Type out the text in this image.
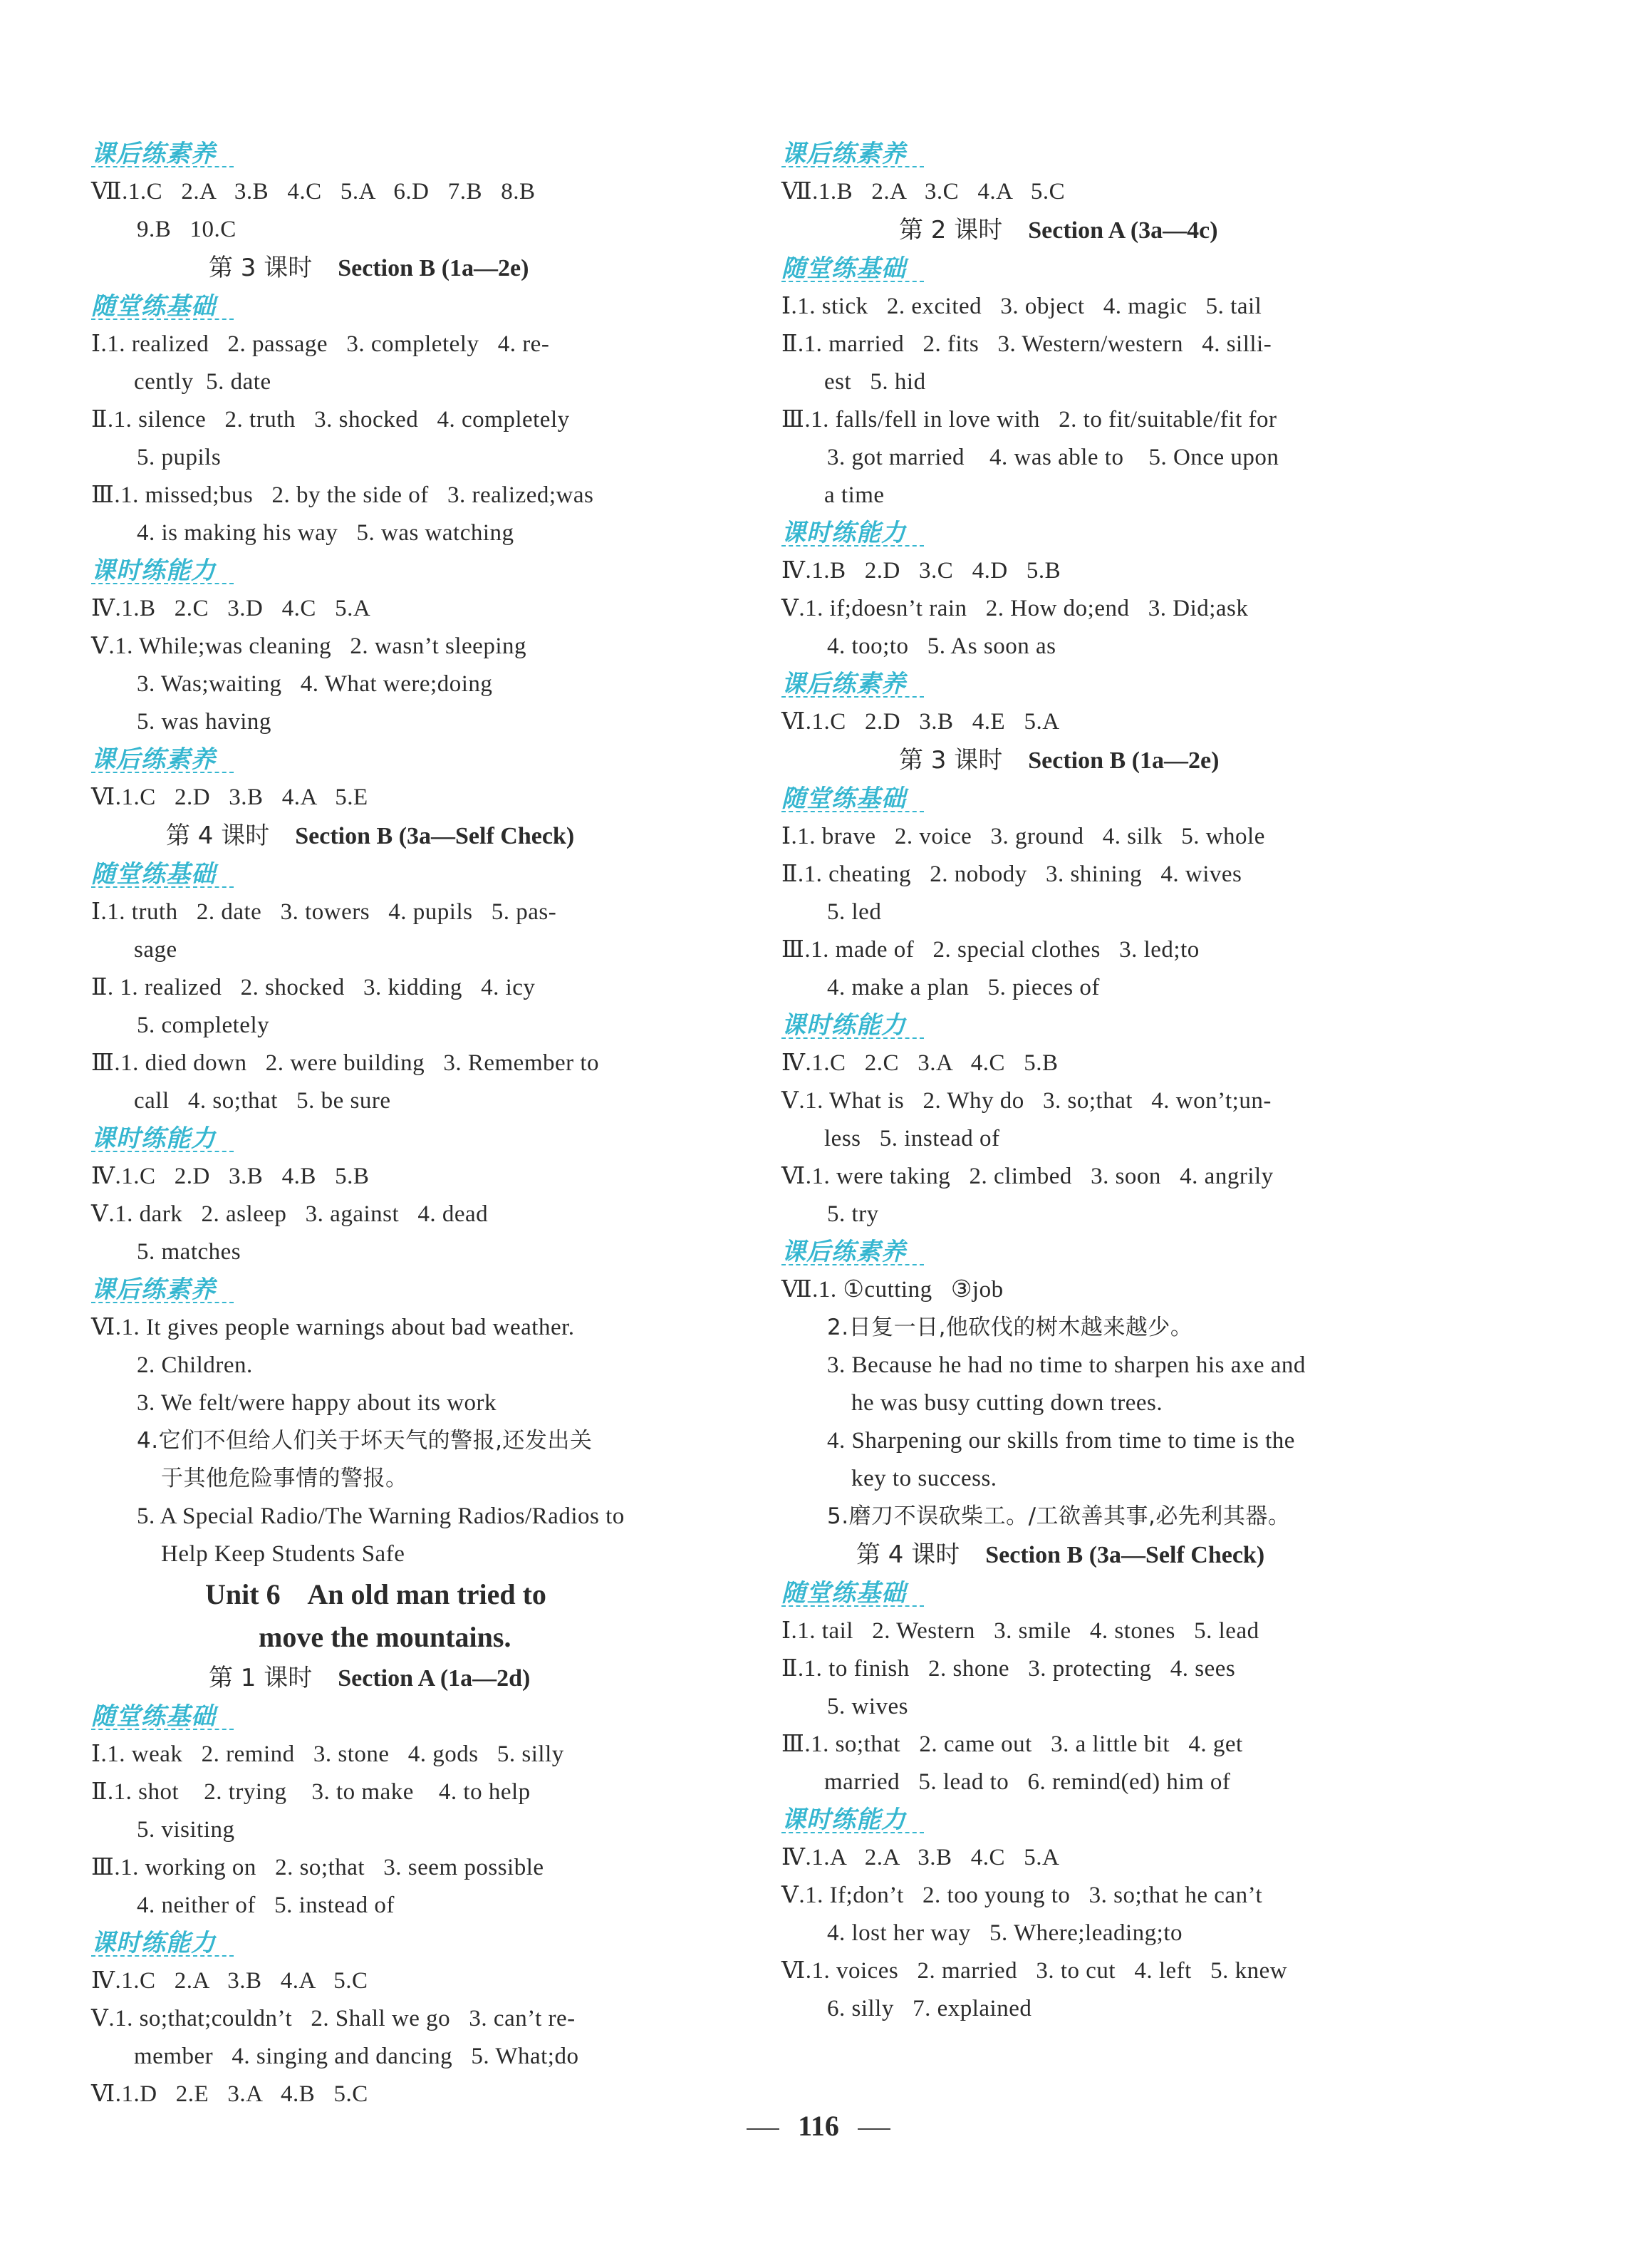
课后练素养
Ⅶ.1.C   2.A   3.B   4.C   5.A   6.D   7.B   8.B
9.B   10.C
第 3 课时 Section B (1a—2e)
随堂练基础
Ⅰ.1. realized   2. passage   3. completely   4. re-
cently  5. date
Ⅱ.1. silence   2. truth   3. shocked   4. completely
5. pupils
Ⅲ.1. missed;bus   2. by the side of   3. realized;was
4. is making his way   5. was watching
课时练能力
Ⅳ.1.B   2.C   3.D   4.C   5.A
Ⅴ.1. While;was cleaning   2. wasn’t sleeping
3. Was;waiting   4. What were;doing
5. was having
课后练素养
Ⅵ.1.C   2.D   3.B   4.A   5.E
第 4 课时 Section B (3a—Self Check)
随堂练基础
Ⅰ.1. truth   2. date   3. towers   4. pupils   5. pas-
sage
Ⅱ. 1. realized   2. shocked   3. kidding   4. icy
5. completely
Ⅲ.1. died down   2. were building   3. Remember to
call   4. so;that   5. be sure
课时练能力
Ⅳ.1.C   2.D   3.B   4.B   5.B
Ⅴ.1. dark   2. asleep   3. against   4. dead
5. matches
课后练素养
Ⅵ.1. It gives people warnings about bad weather.
2. Children.
3. We felt/were happy about its work
4.它们不但给人们关于坏天气的警报,还发出关
于其他危险事情的警报。
5. A Special Radio/The Warning Radios/Radios to
Help Keep Students Safe
Unit 6    An old man tried to
move the mountains.
第 1 课时 Section A (1a—2d)
随堂练基础
Ⅰ.1. weak   2. remind   3. stone   4. gods   5. silly
Ⅱ.1. shot    2. trying    3. to make    4. to help
5. visiting
Ⅲ.1. working on   2. so;that   3. seem possible
4. neither of   5. instead of
课时练能力
Ⅳ.1.C   2.A   3.B   4.A   5.C
Ⅴ.1. so;that;couldn’t   2. Shall we go   3. can’t re-
member   4. singing and dancing   5. What;do
Ⅵ.1.D   2.E   3.A   4.B   5.C
课后练素养
Ⅶ.1.B   2.A   3.C   4.A   5.C
第 2 课时 Section A (3a—4c)
随堂练基础
Ⅰ.1. stick   2. excited   3. object   4. magic   5. tail
Ⅱ.1. married   2. fits   3. Western/western   4. silli-
est   5. hid
Ⅲ.1. falls/fell in love with   2. to fit/suitable/fit for
3. got married    4. was able to    5. Once upon
a time
课时练能力
Ⅳ.1.B   2.D   3.C   4.D   5.B
Ⅴ.1. if;doesn’t rain   2. How do;end   3. Did;ask
4. too;to   5. As soon as
课后练素养
Ⅵ.1.C   2.D   3.B   4.E   5.A
第 3 课时 Section B (1a—2e)
随堂练基础
Ⅰ.1. brave   2. voice   3. ground   4. silk   5. whole
Ⅱ.1. cheating   2. nobody   3. shining   4. wives
5. led
Ⅲ.1. made of   2. special clothes   3. led;to
4. make a plan   5. pieces of
课时练能力
Ⅳ.1.C   2.C   3.A   4.C   5.B
Ⅴ.1. What is   2. Why do   3. so;that   4. won’t;un-
less   5. instead of
Ⅵ.1. were taking   2. climbed   3. soon   4. angrily
5. try
课后练素养
Ⅶ.1. ①cutting   ③job
2.日复一日,他砍伐的树木越来越少。
3. Because he had no time to sharpen his axe and
he was busy cutting down trees.
4. Sharpening our skills from time to time is the
key to success.
5.磨刀不误砍柴工。/工欲善其事,必先利其器。
第 4 课时 Section B (3a—Self Check)
随堂练基础
Ⅰ.1. tail   2. Western   3. smile   4. stones   5. lead
Ⅱ.1. to finish   2. shone   3. protecting   4. sees
5. wives
Ⅲ.1. so;that   2. came out   3. a little bit   4. get
married   5. lead to   6. remind(ed) him of
课时练能力
Ⅳ.1.A   2.A   3.B   4.C   5.A
Ⅴ.1. If;don’t   2. too young to   3. so;that he can’t
4. lost her way   5. Where;leading;to
Ⅵ.1. voices   2. married   3. to cut   4. left   5. knew
6. silly   7. explained
116
